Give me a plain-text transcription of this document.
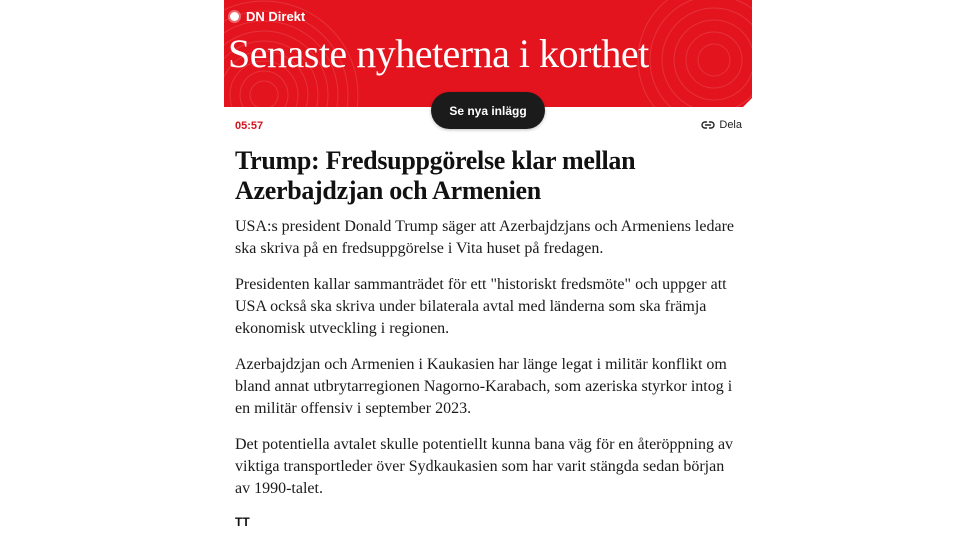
DN Direkt
Senaste nyheterna i korthet
Se nya inlägg
05:57	Dela
Trump: Fredsuppgörelse klar mellan Azerbajdzjan och Armenien

USA:s president Donald Trump säger att Azerbajdzjans och Armeniens ledare ska skriva på en fredsuppgörelse i Vita huset på fredagen.

Presidenten kallar sammanträdet för ett "historiskt fredsmöte" och uppger att USA också ska skriva under bilaterala avtal med länderna som ska främja ekonomisk utveckling i regionen.

Azerbajdzjan och Armenien i Kaukasien har länge legat i militär konflikt om bland annat utbrytarregionen Nagorno-Karabach, som azeriska styrkor intog i en militär offensiv i september 2023.

Det potentiella avtalet skulle potentiellt kunna bana väg för en återöppning av viktiga transportleder över Sydkaukasien som har varit stängda sedan början av 1990-talet.

TT
